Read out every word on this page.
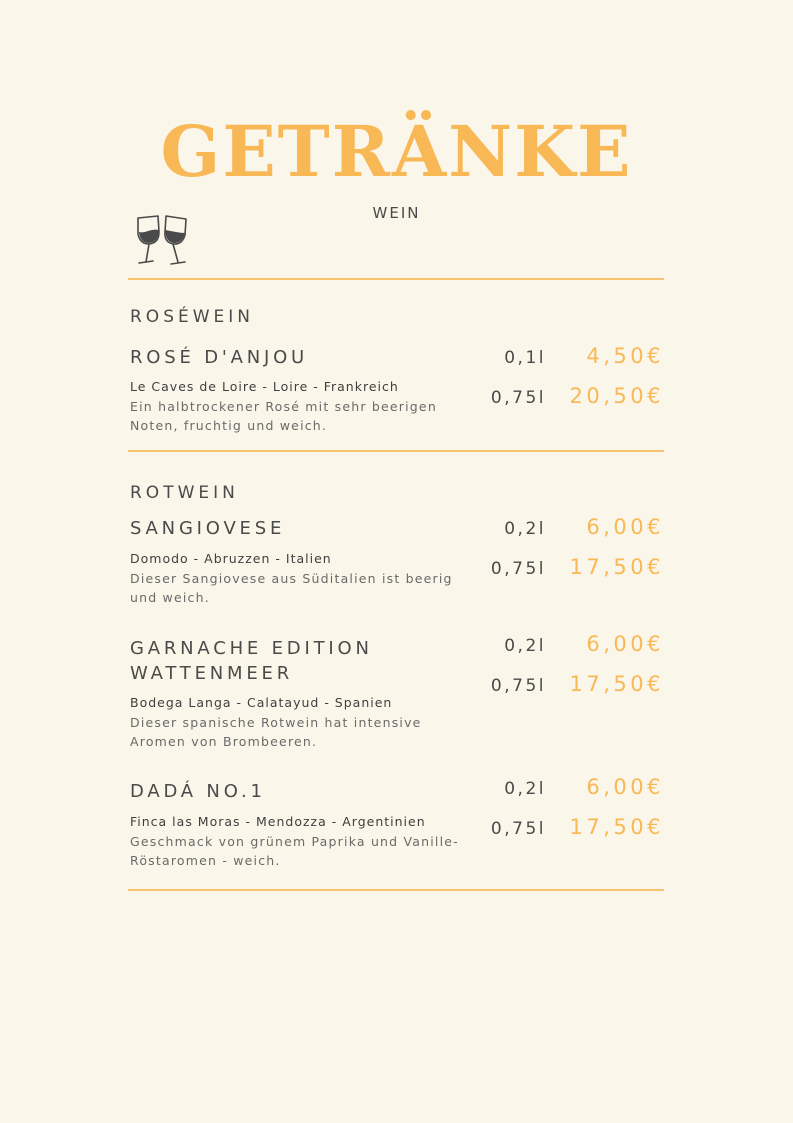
GETRÄNKE
WEIN
ROSÉWEIN
ROSÉ D'ANJOU
Le Caves de Loire - Loire - Frankreich
Ein halbtrockener Rosé mit sehr beerigen Noten, fruchtig und weich.
0,1l 4,50€
0,75l 20,50€
ROTWEIN
SANGIOVESE
Domodo - Abruzzen - Italien
Dieser Sangiovese aus Süditalien ist beerig und weich.
0,2l 6,00€
0,75l 17,50€
GARNACHE EDITION WATTENMEER
Bodega Langa - Calatayud - Spanien
Dieser spanische Rotwein hat intensive Aromen von Brombeeren.
0,2l 6,00€
0,75l 17,50€
DADÁ NO.1
Finca las Moras - Mendozza - Argentinien
Geschmack von grünem Paprika und Vanille-Röstaromen - weich.
0,2l 6,00€
0,75l 17,50€
